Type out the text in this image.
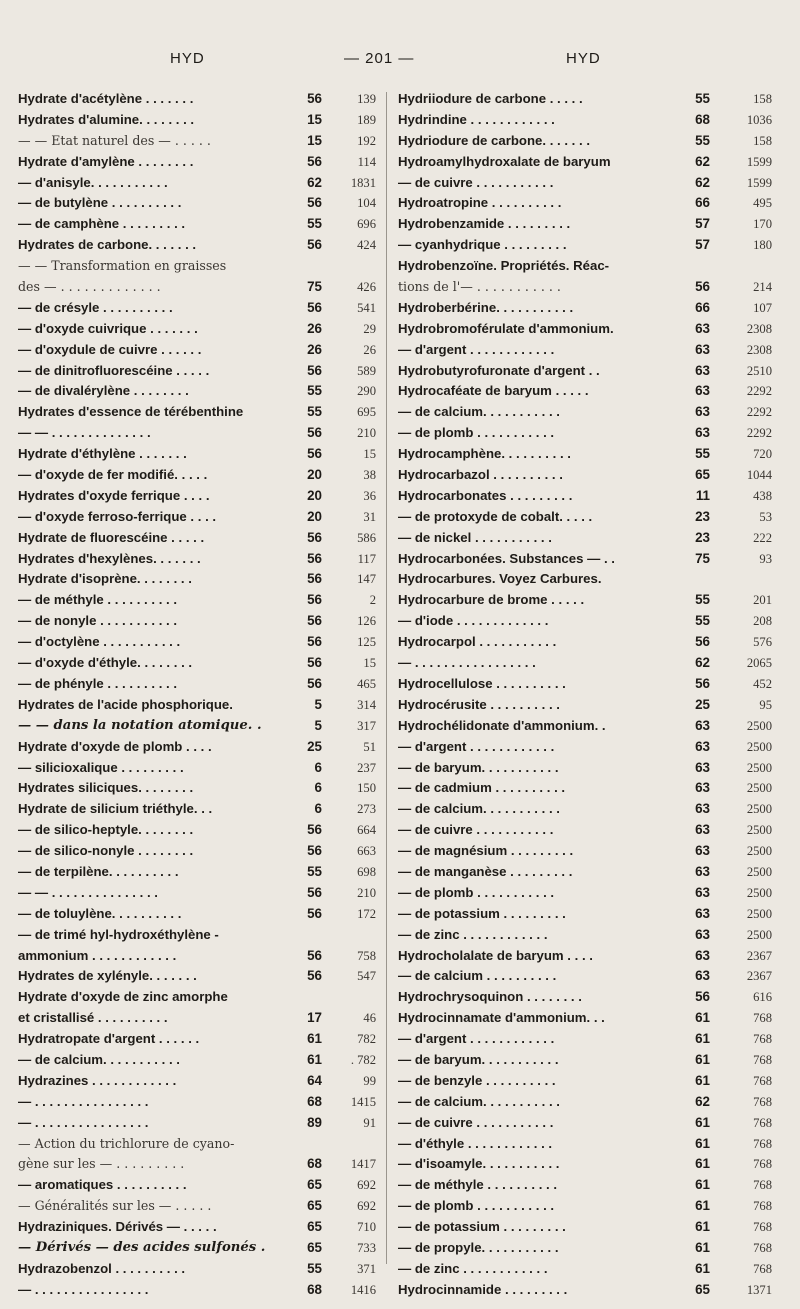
HYD	— 201 —	HYD
Hydrate d'acétylène . . . . . . .	56	139
Hydrates d'alumine. . . . . . . .	15	189
— — Etat naturel des — . . . . .	15	192
Hydrate d'amylène . . . . . . . .	56	114
— d'anisyle. . . . . . . . . . .	62	1831
— de butylène . . . . . . . . . .	56	104
— de camphène . . . . . . . . .	55	696
Hydrates de carbone. . . . . . .	56	424
— — Transformation en graisses
des — . . . . . . . . . . . . .	75	426
— de crésyle . . . . . . . . . .	56	541
— d'oxyde cuivrique . . . . . . .	26	29
— d'oxydule de cuivre . . . . . .	26	26
— de dinitrofluorescéine . . . . .	56	589
— de divalérylène . . . . . . . .	55	290
Hydrates d'essence de térébenthine	55	695
— — . . . . . . . . . . . . . .	56	210
Hydrate d'éthylène . . . . . . .	56	15
— d'oxyde de fer modifié. . . . .	20	38
Hydrates d'oxyde ferrique . . . .	20	36
— d'oxyde ferroso-ferrique . . . .	20	31
Hydrate de fluorescéine . . . . .	56	586
Hydrates d'hexylènes. . . . . . .	56	117
Hydrate d'isoprène. . . . . . . .	56	147
— de méthyle . . . . . . . . . .	56	2
— de nonyle . . . . . . . . . . .	56	126
— d'octylène . . . . . . . . . . .	56	125
— d'oxyde d'éthyle. . . . . . . .	56	15
— de phényle . . . . . . . . . .	56	465
Hydrates de l'acide phosphorique.	5	314
— — dans la notation atomique. .	5	317
Hydrate d'oxyde de plomb . . . .	25	51
— silicioxalique . . . . . . . . .	6	237
Hydrates siliciques. . . . . . . .	6	150
Hydrate de silicium triéthyle. . .	6	273
— de silico-heptyle. . . . . . . .	56	664
— de silico-nonyle . . . . . . . .	56	663
— de terpilène. . . . . . . . . .	55	698
— — . . . . . . . . . . . . . . .	56	210
— de toluylène. . . . . . . . . .	56	172
— de trimé hyl-hydroxéthylène -
ammonium . . . . . . . . . . . .	56	758
Hydrates de xylényle. . . . . . .	56	547
Hydrate d'oxyde de zinc amorphe
et cristallisé . . . . . . . . . .	17	46
Hydratropate d'argent . . . . . .	61	782
— de calcium. . . . . . . . . . .	61	. 782
Hydrazines . . . . . . . . . . . .	64	99
— . . . . . . . . . . . . . . . .	68	1415
— . . . . . . . . . . . . . . . .	89	91
— Action du trichlorure de cyano-
gène sur les — . . . . . . . . .	68	1417
— aromatiques . . . . . . . . . .	65	692
— Généralités sur les — . . . . .	65	692
Hydraziniques. Dérivés — . . . . .	65	710
— Dérivés — des acides sulfonés .	65	733
Hydrazobenzol . . . . . . . . . .	55	371
— . . . . . . . . . . . . . . . .	68	1416
Hydriiodure de carbone . . . . .	55	158
Hydrindine . . . . . . . . . . . .	68	1036
Hydriodure de carbone. . . . . . .	55	158
Hydroamylhydroxalate de baryum	62	1599
— de cuivre . . . . . . . . . . .	62	1599
Hydroatropine . . . . . . . . . .	66	495
Hydrobenzamide . . . . . . . . .	57	170
— cyanhydrique . . . . . . . . .	57	180
Hydrobenzoïne. Propriétés. Réac-
tions de l'— . . . . . . . . . . .	56	214
Hydroberbérine. . . . . . . . . . .	66	107
Hydrobromoférulate d'ammonium.	63	2308
— d'argent . . . . . . . . . . . .	63	2308
Hydrobutyrofuronate d'argent . .	63	2510
Hydrocaféate de baryum . . . . .	63	2292
— de calcium. . . . . . . . . . .	63	2292
— de plomb . . . . . . . . . . .	63	2292
Hydrocamphène. . . . . . . . . .	55	720
Hydrocarbazol . . . . . . . . . .	65	1044
Hydrocarbonates . . . . . . . . .	11	438
— de protoxyde de cobalt. . . . .	23	53
— de nickel . . . . . . . . . . .	23	222
Hydrocarbonées. Substances — . .	75	93
Hydrocarbures. Voyez Carbures.
Hydrocarbure de brome . . . . .	55	201
— d'iode . . . . . . . . . . . . .	55	208
Hydrocarpol . . . . . . . . . . .	56	576
— . . . . . . . . . . . . . . . . .	62	2065
Hydrocellulose . . . . . . . . . .	56	452
Hydrocérusite . . . . . . . . . .	25	95
Hydrochélidonate d'ammonium. .	63	2500
— d'argent . . . . . . . . . . . .	63	2500
— de baryum. . . . . . . . . . .	63	2500
— de cadmium . . . . . . . . . .	63	2500
— de calcium. . . . . . . . . . .	63	2500
— de cuivre . . . . . . . . . . .	63	2500
— de magnésium . . . . . . . . .	63	2500
— de manganèse . . . . . . . . .	63	2500
— de plomb . . . . . . . . . . .	63	2500
— de potassium . . . . . . . . .	63	2500
— de zinc . . . . . . . . . . . .	63	2500
Hydrocholalate de baryum . . . .	63	2367
— de calcium . . . . . . . . . .	63	2367
Hydrochrysoquinon . . . . . . . .	56	616
Hydrocinnamate d'ammonium. . .	61	768
— d'argent . . . . . . . . . . . .	61	768
— de baryum. . . . . . . . . . .	61	768
— de benzyle . . . . . . . . . .	61	768
— de calcium. . . . . . . . . . .	62	768
— de cuivre . . . . . . . . . . .	61	768
— d'éthyle . . . . . . . . . . . .	61	768
— d'isoamyle. . . . . . . . . . .	61	768
— de méthyle . . . . . . . . . .	61	768
— de plomb . . . . . . . . . . .	61	768
— de potassium . . . . . . . . .	61	768
— de propyle. . . . . . . . . . .	61	768
— de zinc . . . . . . . . . . . .	61	768
Hydrocinnamide . . . . . . . . .	65	1371
